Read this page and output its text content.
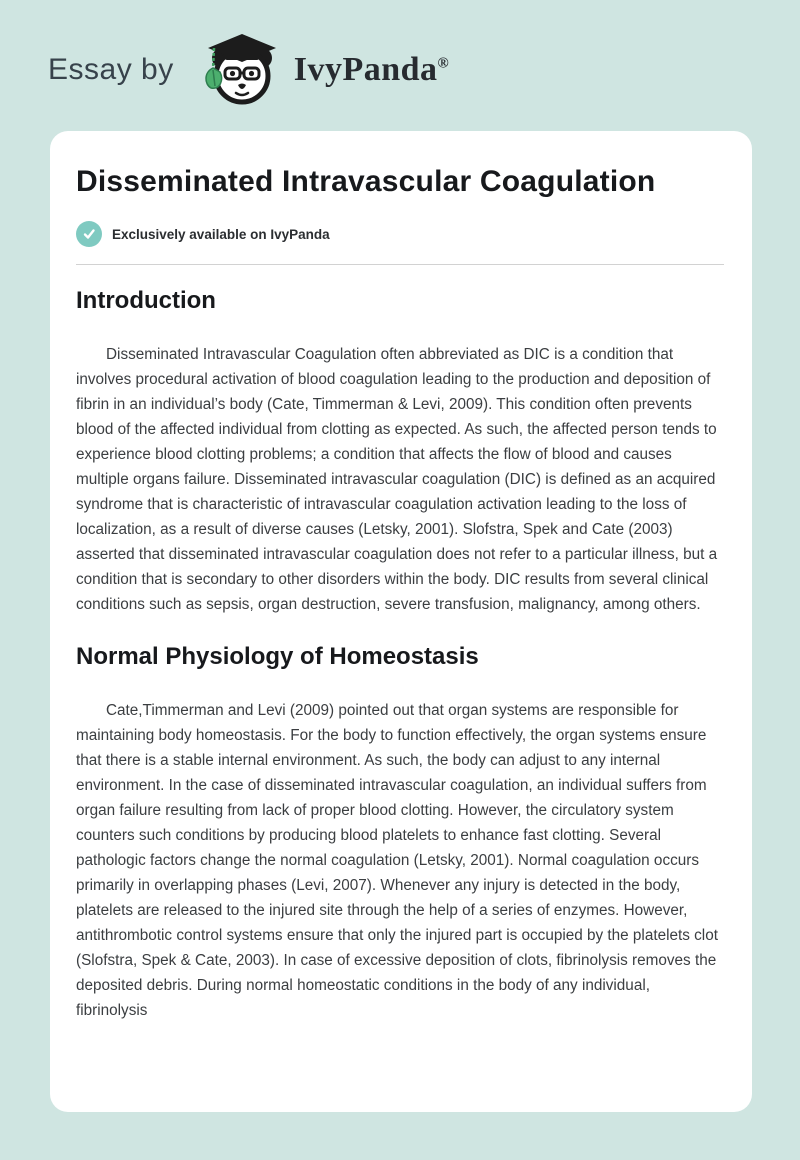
Essay by	IvyPanda®
Disseminated Intravascular Coagulation
Exclusively available on IvyPanda
Introduction

Disseminated Intravascular Coagulation often abbreviated as DIC is a condition that involves procedural activation of blood coagulation leading to the production and deposition of fibrin in an individual’s body (Cate, Timmerman & Levi, 2009). This condition often prevents blood of the affected individual from clotting as expected. As such, the affected person tends to experience blood clotting problems; a condition that affects the flow of blood and causes multiple organs failure. Disseminated intravascular coagulation (DIC) is defined as an acquired syndrome that is characteristic of intravascular coagulation activation leading to the loss of localization, as a result of diverse causes (Letsky, 2001). Slofstra, Spek and Cate (2003) asserted that disseminated intravascular coagulation does not refer to a particular illness, but a condition that is secondary to other disorders within the body. DIC results from several clinical conditions such as sepsis, organ destruction, severe transfusion, malignancy, among others.

Normal Physiology of Homeostasis

Cate,Timmerman and Levi (2009) pointed out that organ systems are responsible for maintaining body homeostasis. For the body to function effectively, the organ systems ensure that there is a stable internal environment. As such, the body can adjust to any internal environment. In the case of disseminated intravascular coagulation, an individual suffers from organ failure resulting from lack of proper blood clotting. However, the circulatory system counters such conditions by producing blood platelets to enhance fast clotting. Several pathologic factors change the normal coagulation (Letsky, 2001). Normal coagulation occurs primarily in overlapping phases (Levi, 2007). Whenever any injury is detected in the body, platelets are released to the injured site through the help of a series of enzymes. However, antithrombotic control systems ensure that only the injured part is occupied by the platelets clot (Slofstra, Spek & Cate, 2003). In case of excessive deposition of clots, fibrinolysis removes the deposited debris. During normal homeostatic conditions in the body of any individual, fibrinolysis
